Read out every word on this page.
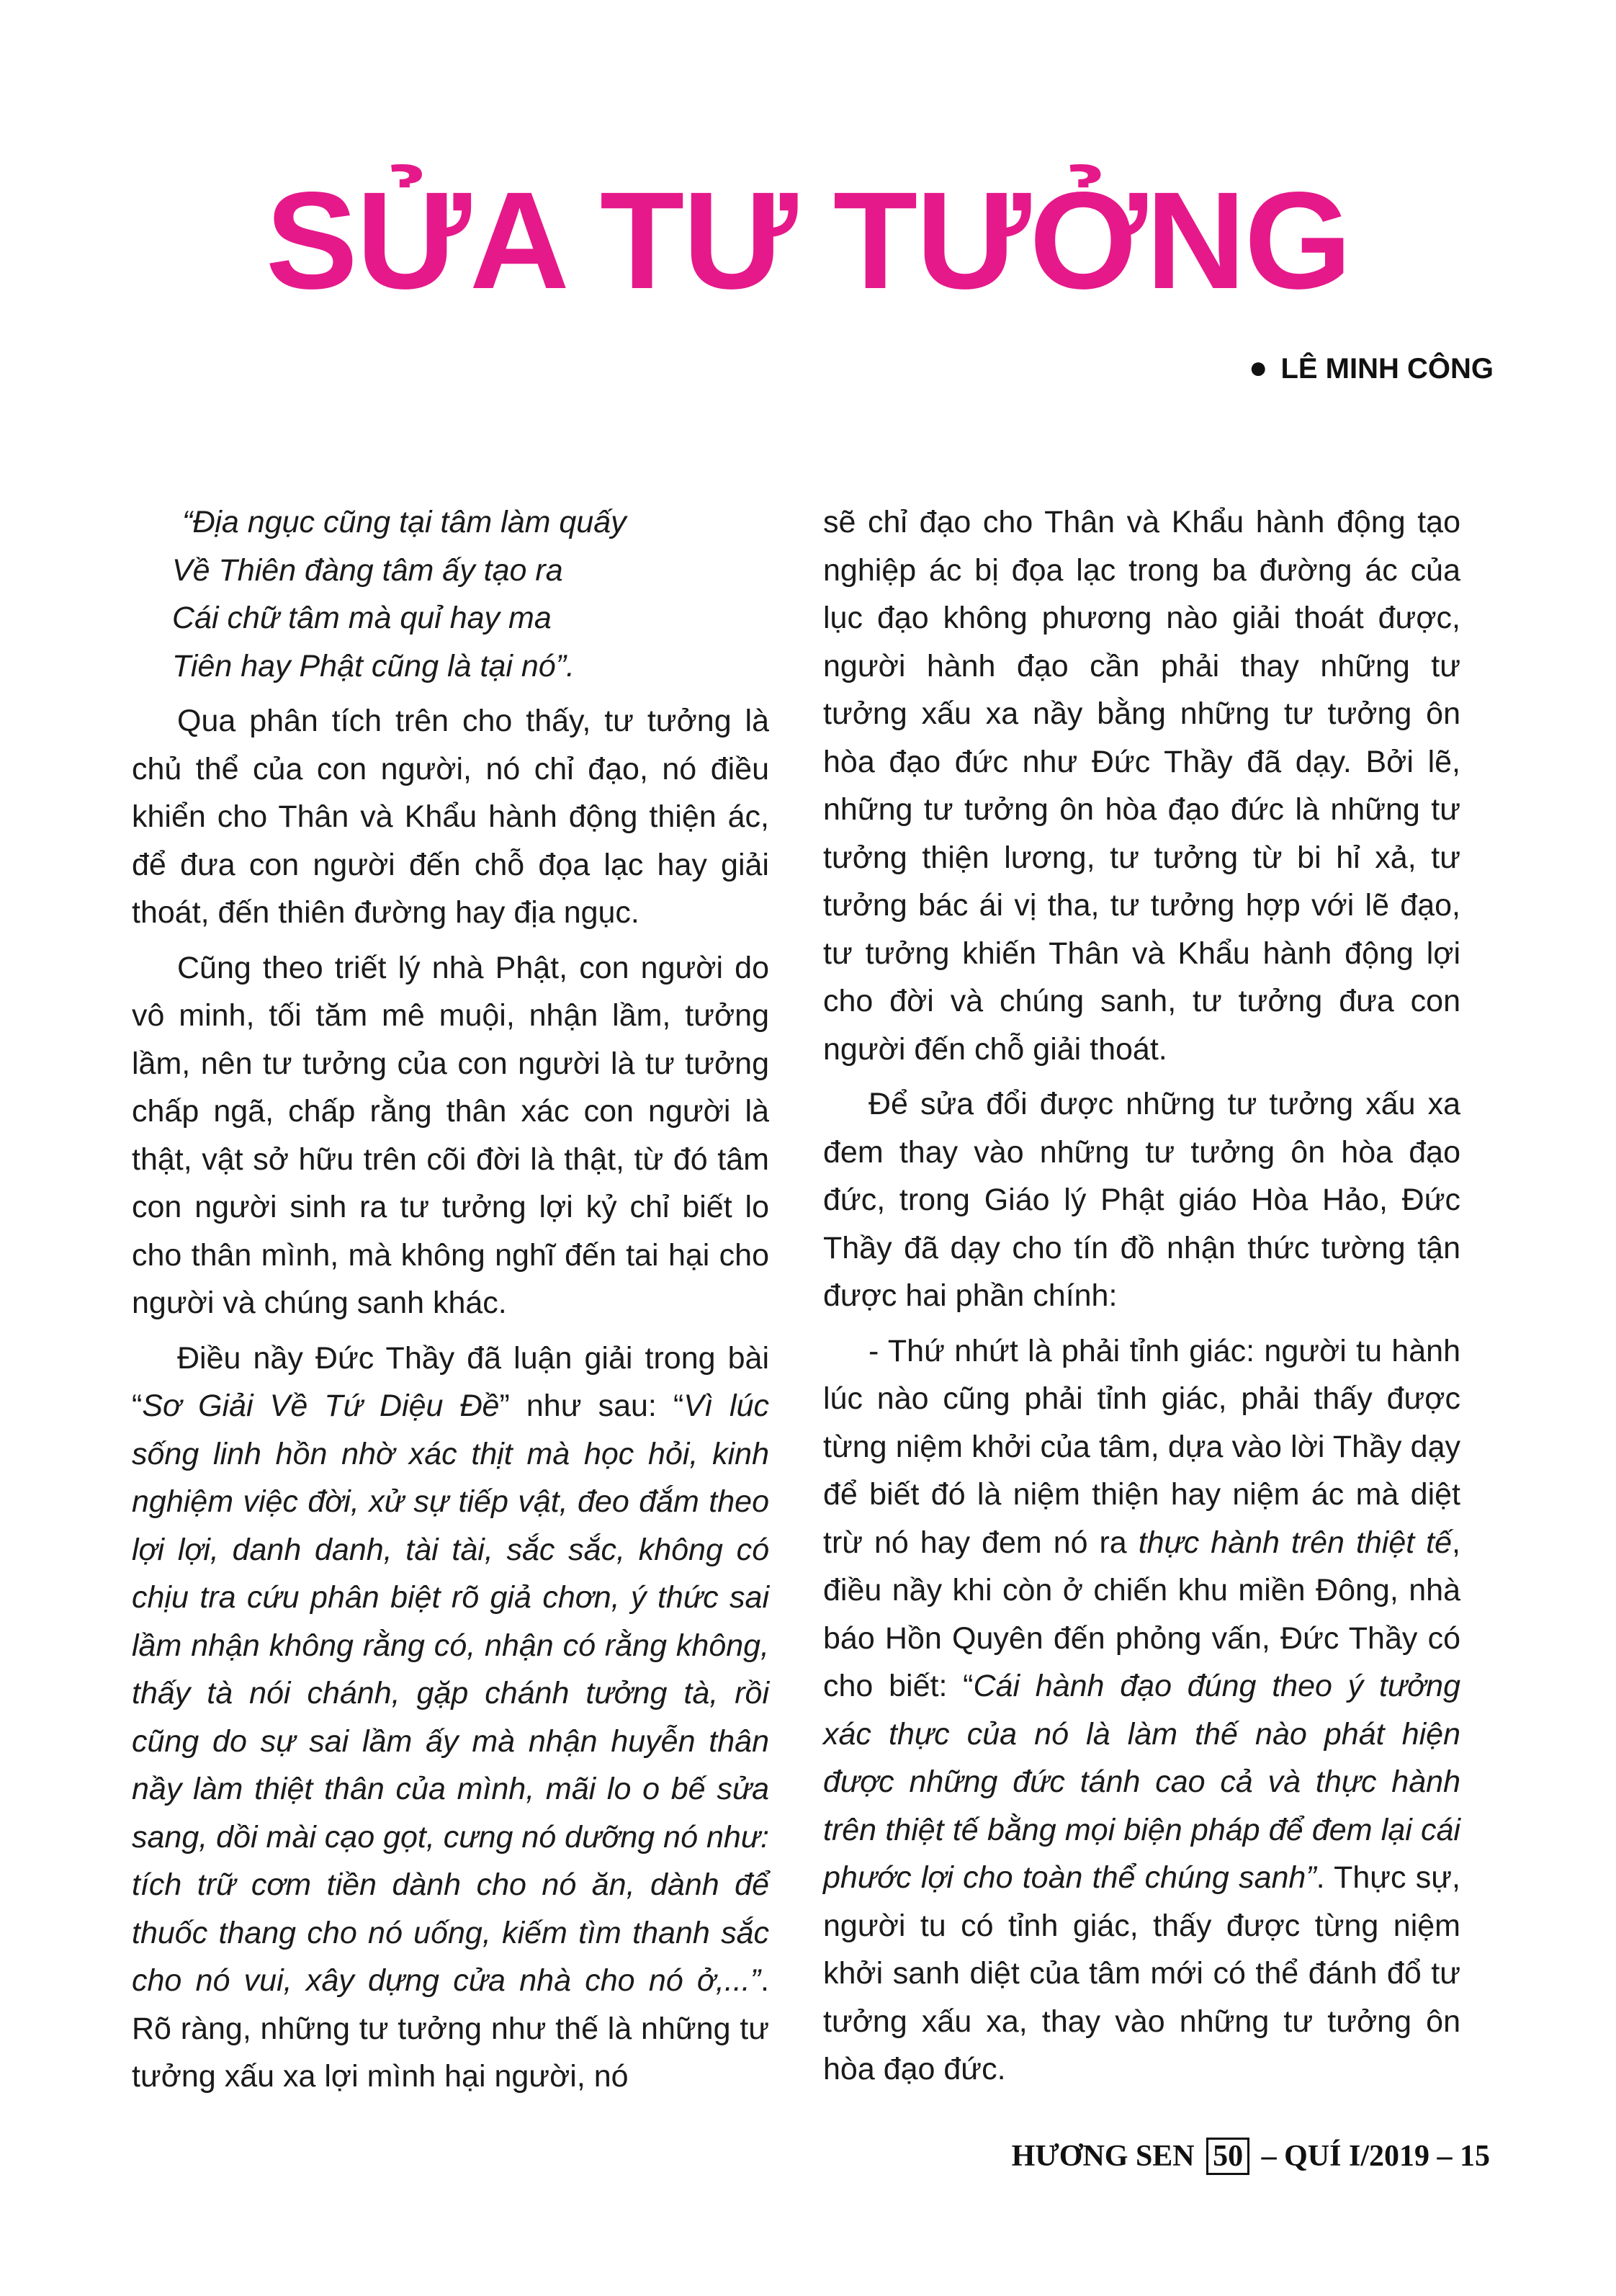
SỬA TƯ TƯỞNG
● LÊ MINH CÔNG
“Địa ngục cũng tại tâm làm quấy
Về Thiên đàng tâm ấy tạo ra
Cái chữ tâm mà quỉ hay ma
Tiên hay Phật cũng là tại nó”.

Qua phân tích trên cho thấy, tư tưởng là chủ thể của con người, nó chỉ đạo, nó điều khiển cho Thân và Khẩu hành động thiện ác, để đưa con người đến chỗ đọa lạc hay giải thoát, đến thiên đường hay địa ngục.

Cũng theo triết lý nhà Phật, con người do vô minh, tối tăm mê muội, nhận lầm, tưởng lầm, nên tư tưởng của con người là tư tưởng chấp ngã, chấp rằng thân xác con người là thật, vật sở hữu trên cõi đời là thật, từ đó tâm con người sinh ra tư tưởng lợi kỷ chỉ biết lo cho thân mình, mà không nghĩ đến tai hại cho người và chúng sanh khác.

Điều nầy Đức Thầy đã luận giải trong bài “Sơ Giải Về Tứ Diệu Đề” như sau: “Vì lúc sống linh hồn nhờ xác thịt mà học hỏi, kinh nghiệm việc đời, xử sự tiếp vật, đeo đắm theo lợi lợi, danh danh, tài tài, sắc sắc, không có chịu tra cứu phân biệt rõ giả chơn, ý thức sai lầm nhận không rằng có, nhận có rằng không, thấy tà nói chánh, gặp chánh tưởng tà, rồi cũng do sự sai lầm ấy mà nhận huyễn thân nầy làm thiệt thân của mình, mãi lo o bế sửa sang, dồi mài cạo gọt, cưng nó dưỡng nó như: tích trữ cơm tiền dành cho nó ăn, dành để thuốc thang cho nó uống, kiếm tìm thanh sắc cho nó vui, xây dựng cửa nhà cho nó ở,...”. Rõ ràng, những tư tưởng như thế là những tư tưởng xấu xa lợi mình hại người, nó

sẽ chỉ đạo cho Thân và Khẩu hành động tạo nghiệp ác bị đọa lạc trong ba đường ác của lục đạo không phương nào giải thoát được, người hành đạo cần phải thay những tư tưởng xấu xa nầy bằng những tư tưởng ôn hòa đạo đức như Đức Thầy đã dạy. Bởi lẽ, những tư tưởng ôn hòa đạo đức là những tư tưởng thiện lương, tư tưởng từ bi hỉ xả, tư tưởng bác ái vị tha, tư tưởng hợp với lẽ đạo, tư tưởng khiến Thân và Khẩu hành động lợi cho đời và chúng sanh, tư tưởng đưa con người đến chỗ giải thoát.

Để sửa đổi được những tư tưởng xấu xa đem thay vào những tư tưởng ôn hòa đạo đức, trong Giáo lý Phật giáo Hòa Hảo, Đức Thầy đã dạy cho tín đồ nhận thức tường tận được hai phần chính:

- Thứ nhứt là phải tỉnh giác: người tu hành lúc nào cũng phải tỉnh giác, phải thấy được từng niệm khởi của tâm, dựa vào lời Thầy dạy để biết đó là niệm thiện hay niệm ác mà diệt trừ nó hay đem nó ra thực hành trên thiệt tế, điều nầy khi còn ở chiến khu miền Đông, nhà báo Hồn Quyên đến phỏng vấn, Đức Thầy có cho biết: “Cái hành đạo đúng theo ý tưởng xác thực của nó là làm thế nào phát hiện được những đức tánh cao cả và thực hành trên thiệt tế bằng mọi biện pháp để đem lại cái phước lợi cho toàn thể chúng sanh”. Thực sự, người tu có tỉnh giác, thấy được từng niệm khởi sanh diệt của tâm mới có thể đánh đổ tư tưởng xấu xa, thay vào những tư tưởng ôn hòa đạo đức.

HƯƠNG SEN 50 – QUÍ I/2019 – 15
